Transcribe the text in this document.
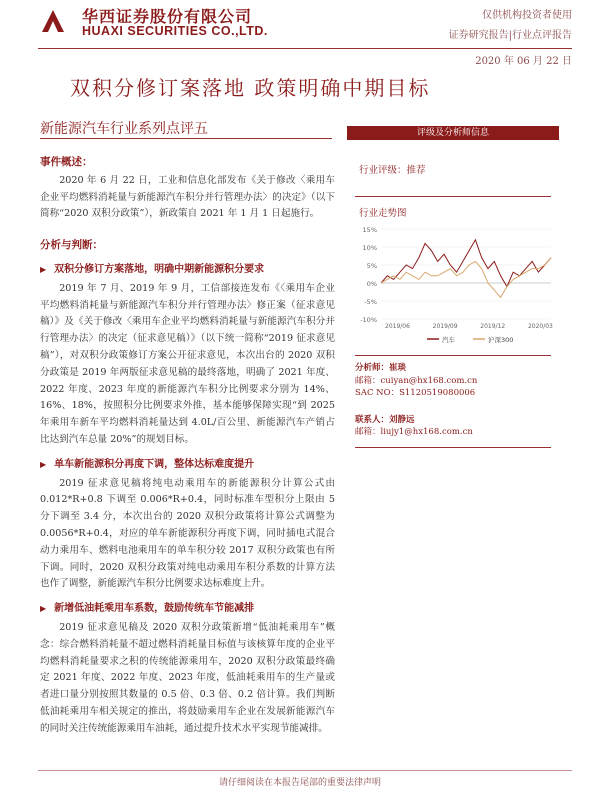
华西证券股份有限公司
HUAXI SECURITIES CO.,LTD.
仅供机构投资者使用
证券研究报告|行业点评报告
2020 年 06 月 22 日
双积分修订案落地 政策明确中期目标
新能源汽车行业系列点评五
事件概述：
2020 年 6 月 22 日，工业和信息化部发布《关于修改〈乘用车企业平均燃料消耗量与新能源汽车积分并行管理办法〉的决定》（以下简称“2020 双积分政策”），新政策自 2021 年 1 月 1 日起施行。
分析与判断：
▶ 双积分修订方案落地，明确中期新能源积分要求
2019 年 7 月、2019 年 9 月，工信部接连发布《〈乘用车企业平均燃料消耗量与新能源汽车积分并行管理办法〉修正案（征求意见稿）》及《关于修改〈乘用车企业平均燃料消耗量与新能源汽车积分并行管理办法〉的决定（征求意见稿）》（以下统一简称“2019 征求意见稿”），对双积分政策修订方案公开征求意见，本次出台的 2020 双积分政策是 2019 年两版征求意见稿的最终落地，明确了 2021 年度、2022 年度、2023 年度的新能源汽车积分比例要求分别为 14%、16%、18%，按照积分比例要求外推，基本能够保障实现“到 2025 年乘用车新车平均燃料消耗量达到 4.0L/百公里、新能源汽车产销占比达到汽车总量 20%”的规划目标。
▶ 单车新能源积分再度下调，整体达标难度提升
2019 征求意见稿将纯电动乘用车的新能源积分计算公式由 0.012*R+0.8 下调至 0.006*R+0.4，同时标准车型积分上限由 5 分下调至 3.4 分，本次出台的 2020 双积分政策将计算公式调整为 0.0056*R+0.4，对应的单车新能源积分再度下调，同时插电式混合动力乘用车、燃料电池乘用车的单车积分较 2017 双积分政策也有所下调。同时，2020 双积分政策对纯电动乘用车积分系数的计算方法也作了调整，新能源汽车积分比例要求达标难度上升。
▶ 新增低油耗乘用车系数，鼓励传统车节能减排
2019 征求意见稿及 2020 双积分政策新增“低油耗乘用车”概念：综合燃料消耗量不超过燃料消耗量目标值与该核算年度的企业平均燃料消耗量要求之积的传统能源乘用车，2020 双积分政策最终确定 2021 年度、2022 年度、2023 年度，低油耗乘用车的生产量或者进口量分别按照其数量的 0.5 倍、0.3 倍、0.2 倍计算。我们判断低油耗乘用车相关规定的推出，将鼓励乘用车企业在发展新能源汽车的同时关注传统能源乘用车油耗，通过提升技术水平实现节能减排。
评级及分析师信息
行业评级：推荐
行业走势图
15%
10%
5%
0%
-5%
-10%
2019/06	2019/09	2019/12	2020/03
汽车	沪深300
分析师：崔琰
邮箱：cuiyan@hx168.com.cn
SAC NO：S1120519080006
联系人：刘静远
邮箱：liujy1@hx168.com.cn
请仔细阅读在本报告尾部的重要法律声明
